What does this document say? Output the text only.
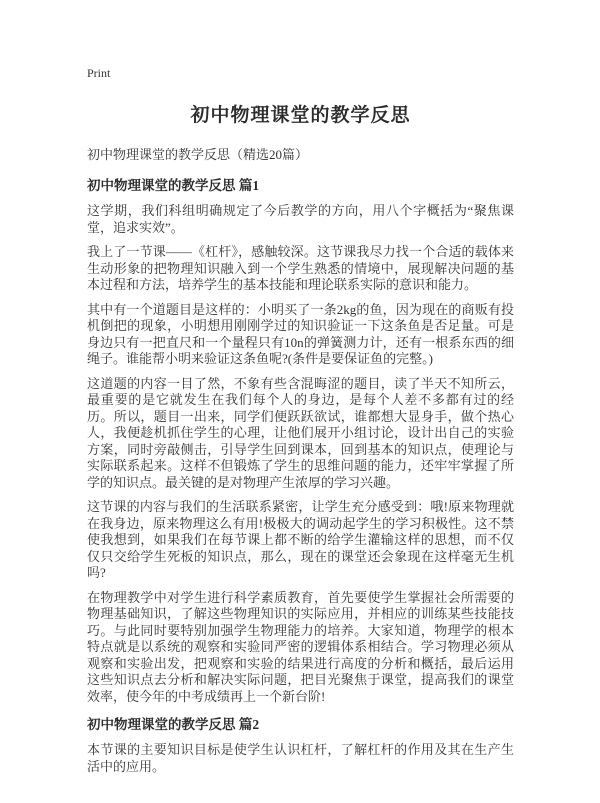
Print
初中物理课堂的教学反思
初中物理课堂的教学反思（精选20篇）
初中物理课堂的教学反思 篇1

这学期，我们科组明确规定了今后教学的方向，用八个字概括为“聚焦课堂，追求实效”。

我上了一节课——《杠杆》，感触较深。这节课我尽力找一个合适的载体来生动形象的把物理知识融入到一个学生熟悉的情境中，展现解决问题的基本过程和方法，培养学生的基本技能和理论联系实际的意识和能力。

其中有一个道题目是这样的：小明买了一条2kg的鱼，因为现在的商贩有投机倒把的现象，小明想用刚刚学过的知识验证一下这条鱼是否足量。可是身边只有一把直尺和一个量程只有10n的弹簧测力计，还有一根系东西的细绳子。谁能帮小明来验证这条鱼呢?(条件是要保证鱼的完整。)

这道题的内容一目了然，不象有些含混晦涩的题目，读了半天不知所云，最重要的是它就发生在我们每个人的身边，是每个人差不多都有过的经历。所以，题目一出来，同学们便跃跃欲试，谁都想大显身手，做个热心人，我便趁机抓住学生的心理，让他们展开小组讨论，设计出自己的实验方案，同时旁敲侧击，引导学生回到课本，回到基本的知识点，使理论与实际联系起来。这样不但锻炼了学生的思维问题的能力，还牢牢掌握了所学的知识点。最关键的是对物理产生浓厚的学习兴趣。

这节课的内容与我们的生活联系紧密，让学生充分感受到：哦!原来物理就在我身边，原来物理这么有用!极极大的调动起学生的学习积极性。这不禁使我想到，如果我们在每节课上都不断的给学生灌输这样的思想，而不仅仅只交给学生死板的知识点，那么，现在的课堂还会象现在这样毫无生机吗?

在物理教学中对学生进行科学素质教育，首先要使学生掌握社会所需要的物理基础知识，了解这些物理知识的实际应用，并相应的训练某些技能技巧。与此同时要特别加强学生物理能力的培养。大家知道，物理学的根本特点就是以系统的观察和实验同严密的逻辑体系相结合。学习物理必须从观察和实验出发，把观察和实验的结果进行高度的分析和概括，最后运用这些知识点去分析和解决实际问题，把目光聚焦于课堂，提高我们的课堂效率，使今年的中考成绩再上一个新台阶!

初中物理课堂的教学反思 篇2

本节课的主要知识目标是使学生认识杠杆，了解杠杆的作用及其在生产生活中的应用。
